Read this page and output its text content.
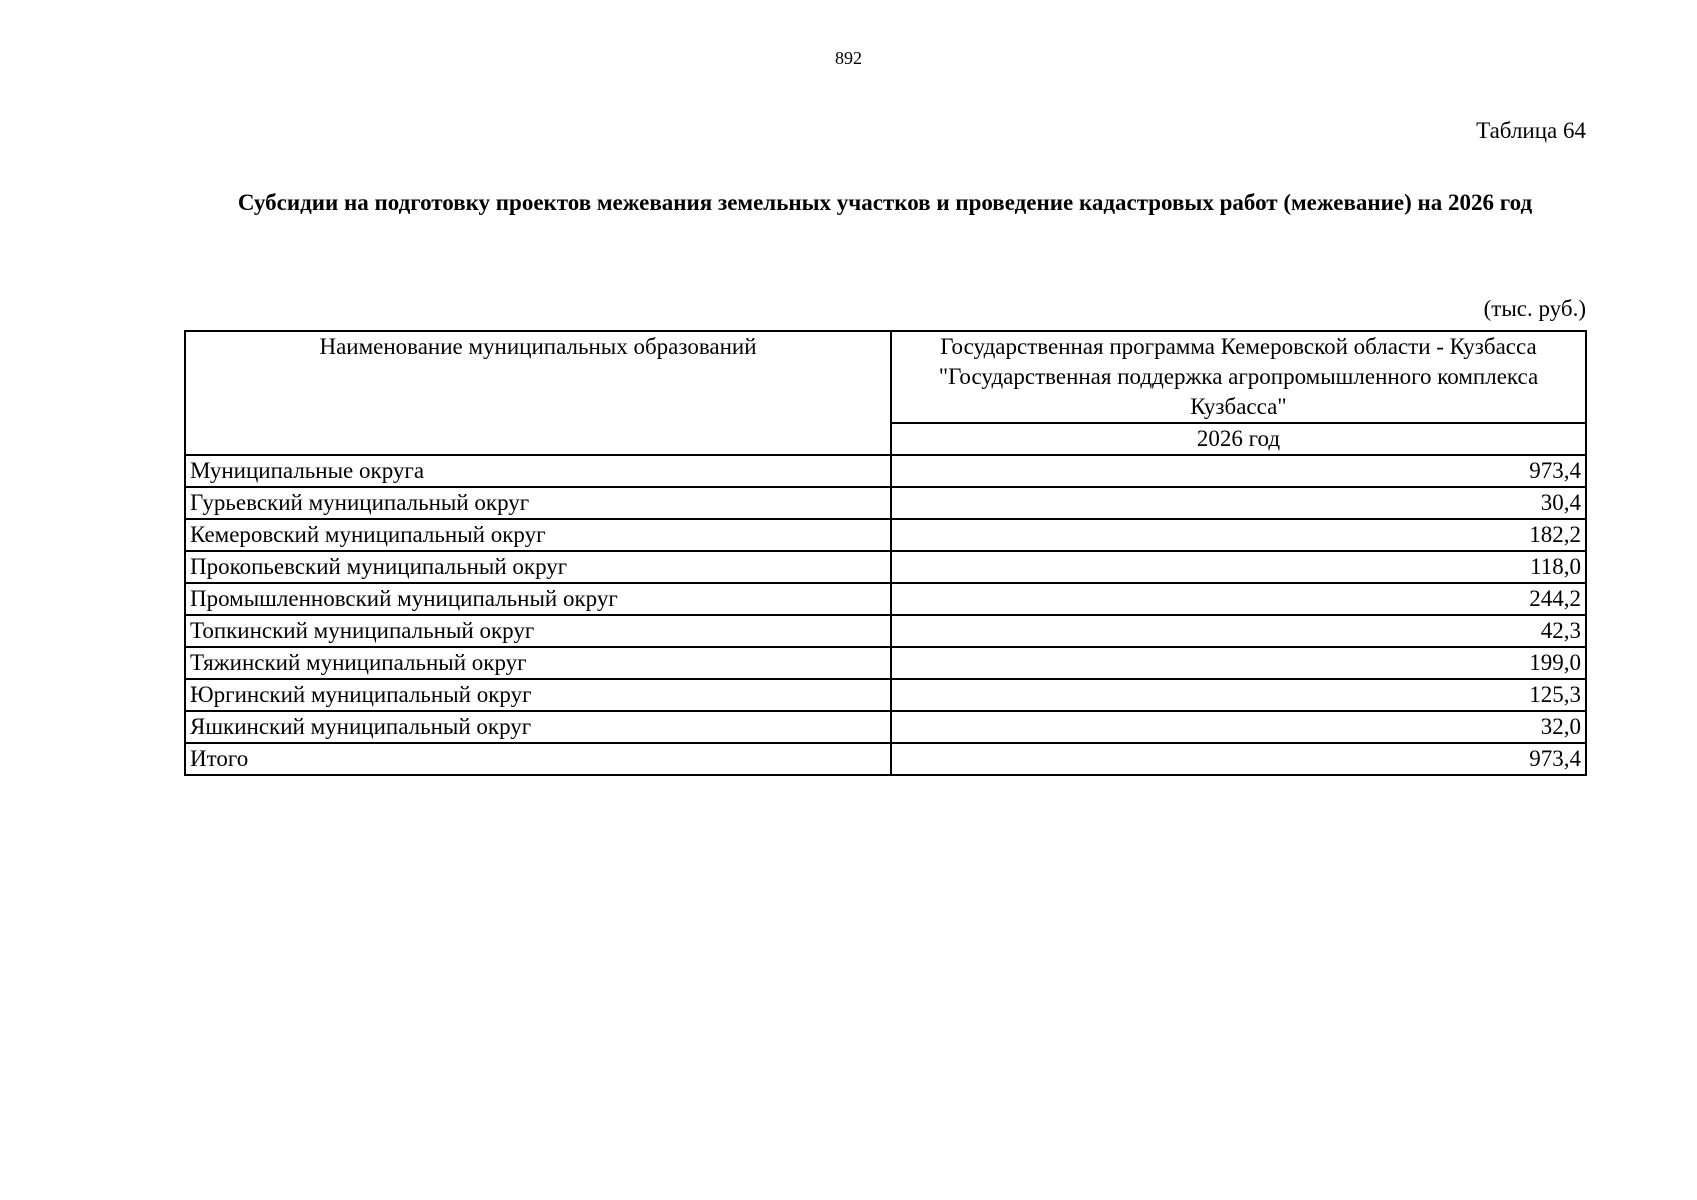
892
Таблица 64
Субсидии на подготовку проектов межевания земельных участков и проведение кадастровых работ (межевание) на 2026 год
(тыс. руб.)
Наименование муниципальных образований	Государственная программа Кемеровской области - Кузбасса "Государственная поддержка агропромышленного комплекса Кузбасса"
	2026 год
Муниципальные округа	973,4
Гурьевский муниципальный округ	30,4
Кемеровский муниципальный округ	182,2
Прокопьевский муниципальный округ	118,0
Промышленновский муниципальный округ	244,2
Топкинский муниципальный округ	42,3
Тяжинский муниципальный округ	199,0
Юргинский муниципальный округ	125,3
Яшкинский муниципальный округ	32,0
Итого	973,4
